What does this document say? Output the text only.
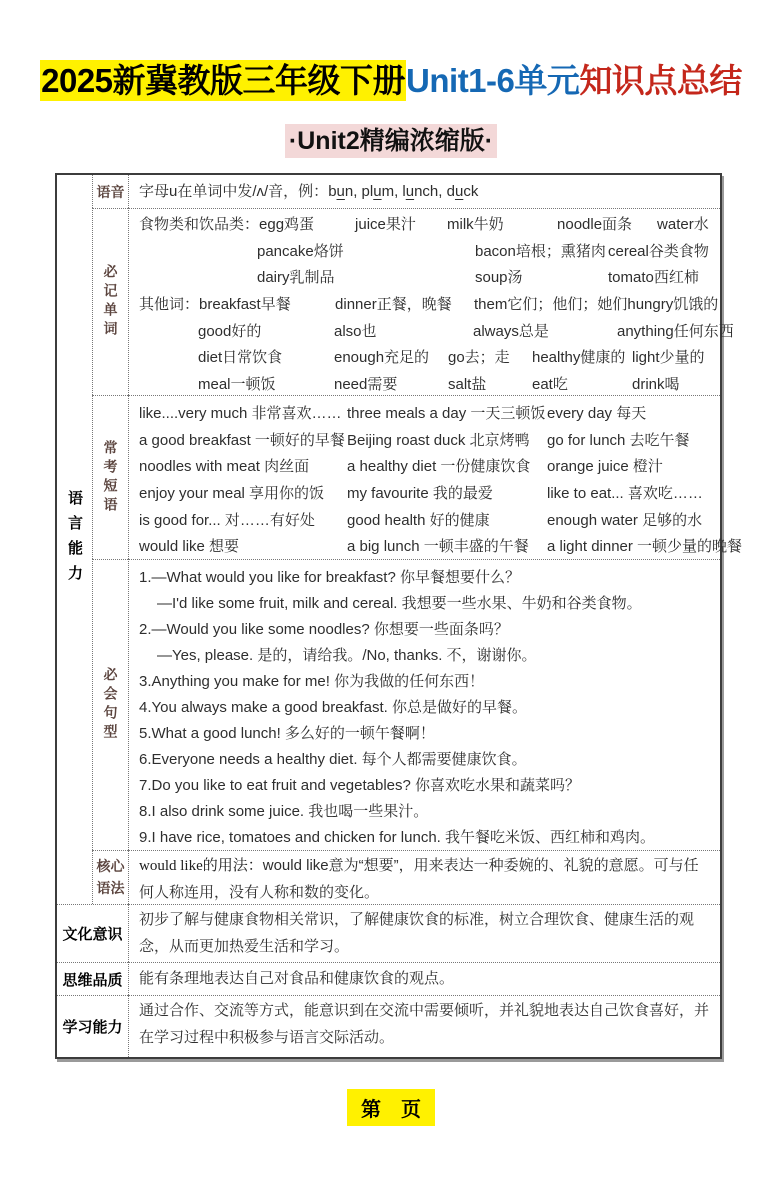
2025新冀教版三年级下册Unit1-6单元知识点总结
·Unit2精编浓缩版·
语言能力
语音 字母u在单词中发/ʌ/音，例：bun, plum, lunch, duck
必记单词
食物类和饮品类：egg鸡蛋	juice果汁 milk牛奶	noodle面条 water水
pancake烙饼	bacon培根；熏猪肉 cereal谷类食物
dairy乳制品	soup汤	tomato西红柿
其他词：breakfast早餐	dinner正餐，晚餐 them它们；他们；她们hungry饥饿的
good好的	also也	always总是	anything任何东西
diet日常饮食	enough充足的 go去；走 healthy健康的 light少量的
meal一顿饭	need需要	salt盐	eat吃	drink喝
常考短语
like....very much 非常喜欢…… three meals a day 一天三顿饭 every day 每天
a good breakfast 一顿好的早餐 Beijing roast duck 北京烤鸭	go for lunch 去吃午餐
noodles with meat 肉丝面	a healthy diet 一份健康饮食	orange juice 橙汁
enjoy your meal 享用你的饭	my favourite 我的最爱	like to eat... 喜欢吃……
is good for... 对……有好处	good health 好的健康	enough water 足够的水
would like 想要	a big lunch 一顿丰盛的午餐	a light dinner 一顿少量的晚餐
必会句型
1.—What would you like for breakfast? 你早餐想要什么？
—I'd like some fruit, milk and cereal. 我想要一些水果、牛奶和谷类食物。
2.—Would you like some noodles? 你想要一些面条吗？
—Yes, please. 是的，请给我。/No, thanks. 不，谢谢你。
3.Anything you make for me! 你为我做的任何东西！
4.You always make a good breakfast. 你总是做好的早餐。
5.What a good lunch! 多么好的一顿午餐啊！
6.Everyone needs a healthy diet. 每个人都需要健康饮食。
7.Do you like to eat fruit and vegetables? 你喜欢吃水果和蔬菜吗？
8.I also drink some juice. 我也喝一些果汁。
9.I have rice, tomatoes and chicken for lunch. 我午餐吃米饭、西红柿和鸡肉。
核心语法
would like的用法：would like意为“想要”，用来表达一种委婉的、礼貌的意愿。可与任何人称连用，没有人称和数的变化。
文化意识
初步了解与健康食物相关常识，了解健康饮食的标准，树立合理饮食、健康生活的观念，从而更加热爱生活和学习。
思维品质	能有条理地表达自己对食品和健康饮食的观点。
学习能力
通过合作、交流等方式，能意识到在交流中需要倾听，并礼貌地表达自己饮食喜好，并在学习过程中积极参与语言交际活动。
第　页
